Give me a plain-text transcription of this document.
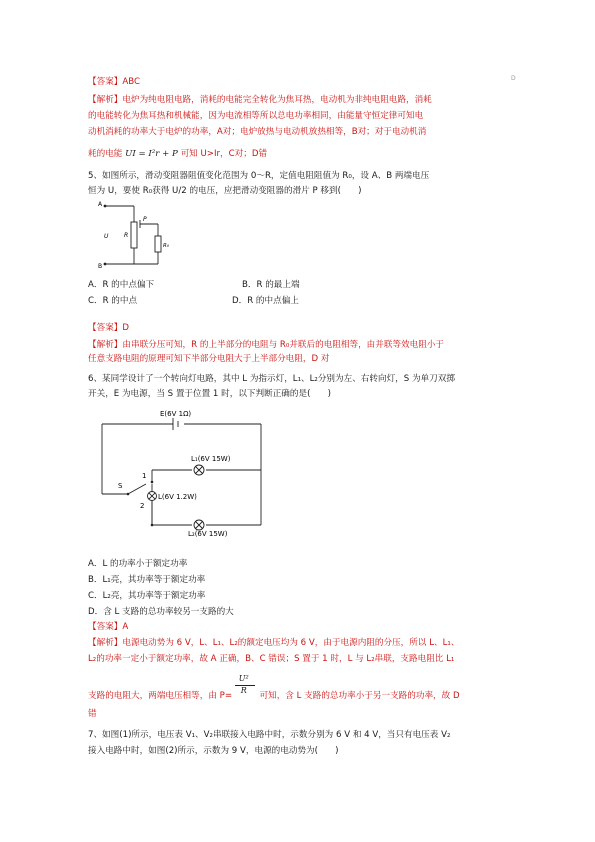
D
【答案】ABC
【解析】电炉为纯电阻电路，消耗的电能完全转化为焦耳热，电动机为非纯电阻电路，消耗
的电能转化为焦耳热和机械能，因为电流相等所以总电功率相同，由能量守恒定律可知电
动机消耗的功率大于电炉的功率，A对；电炉放热与电动机放热相等，B对；对于电动机消
耗的电能 UI = I²r + P 可知 U>Ir，C对；D错
5、如图所示，滑动变阻器阻值变化范围为 0～R，定值电阻阻值为 R₀，设 A、B 两端电压
恒为 U，要使 R₀获得 U/2 的电压，应把滑动变阻器的滑片 P 移到(　　)
A
B
U	R
P
R₀
A．R 的中点偏下	B．R 的最上端
C．R 的中点	D．R 的中点偏上
【答案】D
【解析】由串联分压可知，R 的上半部分的电阻与 R₀并联后的电阻相等，由并联等效电阻小于
任意支路电阻的原理可知下半部分电阻大于上半部分电阻，D 对
6、某同学设计了一个转向灯电路，其中 L 为指示灯，L₁、L₂分别为左、右转向灯，S 为单刀双掷
开关，E 为电源，当 S 置于位置 1 时，以下判断正确的是(　　)
E(6V 1Ω)
L₁(6V 15W)
L(6V 1.2W)
L₂(6V 15W)
S
1
2
A．L 的功率小于额定功率
B．L₁亮，其功率等于额定功率
C．L₂亮，其功率等于额定功率
D．含 L 支路的总功率较另一支路的大
【答案】A
【解析】电源电动势为 6 V，L、L₁、L₂的额定电压均为 6 V，由于电源内阻的分压，所以 L、L₁、
L₂的功率一定小于额定功率，故 A 正确，B、C 错误；S 置于 1 时，L 与 L₂串联，支路电阻比 L₁
支路的电阻大，两端电压相等，由 $P= \frac{\text{U²}}{R}$ 可知，含 L 支路的总功率小于另一支路的功率，故 D
错
7、如图(1)所示，电压表 V₁、V₂串联接入电路中时，示数分别为 6 V 和 4 V，当只有电压表 V₂
接入电路中时，如图(2)所示，示数为 9 V，电源的电动势为(　　)
